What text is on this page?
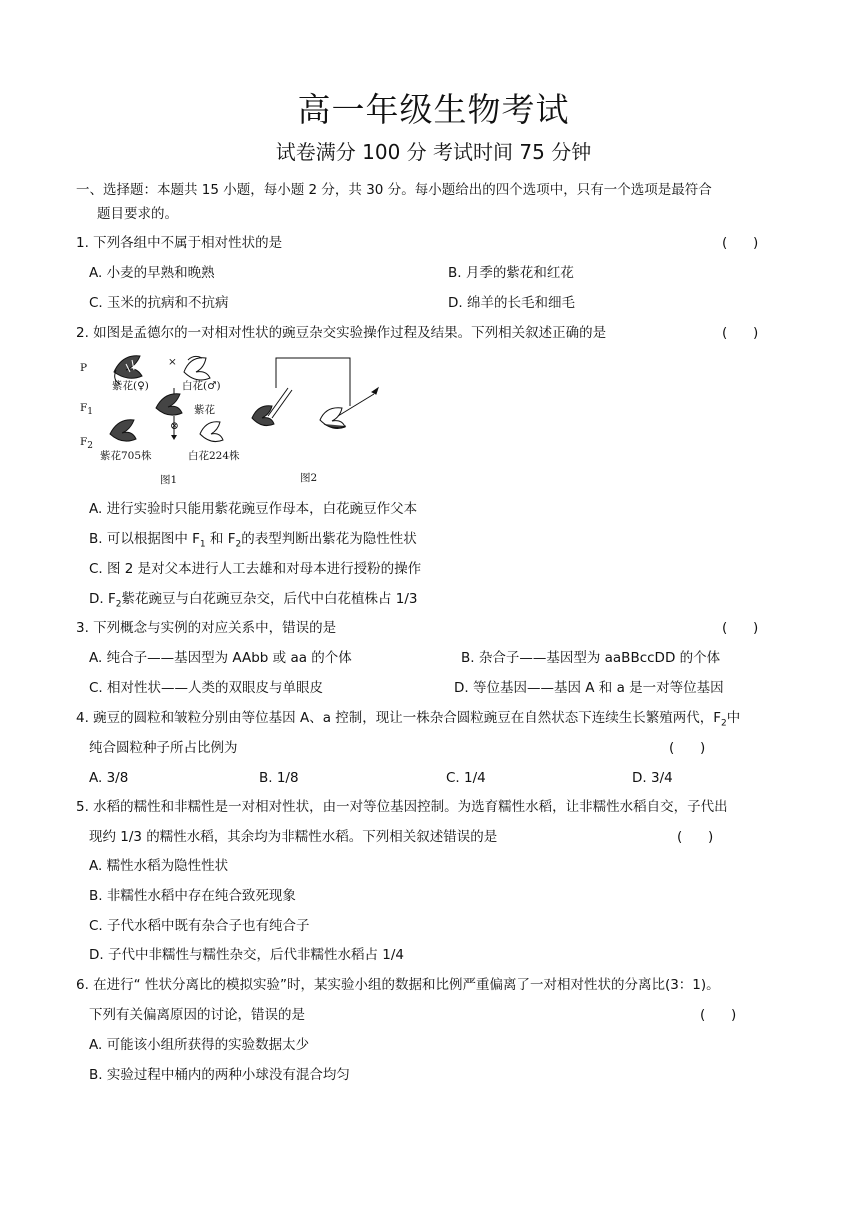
高一年级生物考试
试卷满分 100 分 考试时间 75 分钟
一、选择题：本题共 15 小题，每小题 2 分，共 30 分。每小题给出的四个选项中，只有一个选项是最符合
题目要求的。
1. 下列各组中不属于相对性状的是	(      )
A. 小麦的早熟和晚熟	B. 月季的紫花和红花
C. 玉米的抗病和不抗病	D. 绵羊的长毛和细毛
2. 如图是孟德尔的一对相对性状的豌豆杂交实验操作过程及结果。下列相关叙述正确的是	(      )
P	×
紫花(♀)	白花(♂)
$F_1$	紫花
⊗
$F_2$
紫花705株	白花224株
图1	图2
A. 进行实验时只能用紫花豌豆作母本，白花豌豆作父本
B. 可以根据图中 $F_1$ 和 $F_2$的表型判断出紫花为隐性性状
C. 图 2 是对父本进行人工去雄和对母本进行授粉的操作
D. $F_2$紫花豌豆与白花豌豆杂交，后代中白花植株占 1/3
3. 下列概念与实例的对应关系中，错误的是	(      )
A. 纯合子——基因型为 AAbb 或 aa 的个体	B. 杂合子——基因型为 aaBBccDD 的个体
C. 相对性状——人类的双眼皮与单眼皮	D. 等位基因——基因 A 和 a 是一对等位基因
4. 豌豆的圆粒和皱粒分别由等位基因 A、a 控制，现让一株杂合圆粒豌豆在自然状态下连续生长繁殖两代，$F_2$中
纯合圆粒种子所占比例为	(      )
A. 3/8	B. 1/8	C. 1/4	D. 3/4
5. 水稻的糯性和非糯性是一对相对性状，由一对等位基因控制。为选育糯性水稻，让非糯性水稻自交，子代出
现约 1/3 的糯性水稻，其余均为非糯性水稻。下列相关叙述错误的是	(      )
A. 糯性水稻为隐性性状
B. 非糯性水稻中存在纯合致死现象
C. 子代水稻中既有杂合子也有纯合子
D. 子代中非糯性与糯性杂交，后代非糯性水稻占 1/4
6. 在进行“ 性状分离比的模拟实验”时，某实验小组的数据和比例严重偏离了一对相对性状的分离比(3：1)。
下列有关偏离原因的讨论，错误的是	(      )
A. 可能该小组所获得的实验数据太少
B. 实验过程中桶内的两种小球没有混合均匀
